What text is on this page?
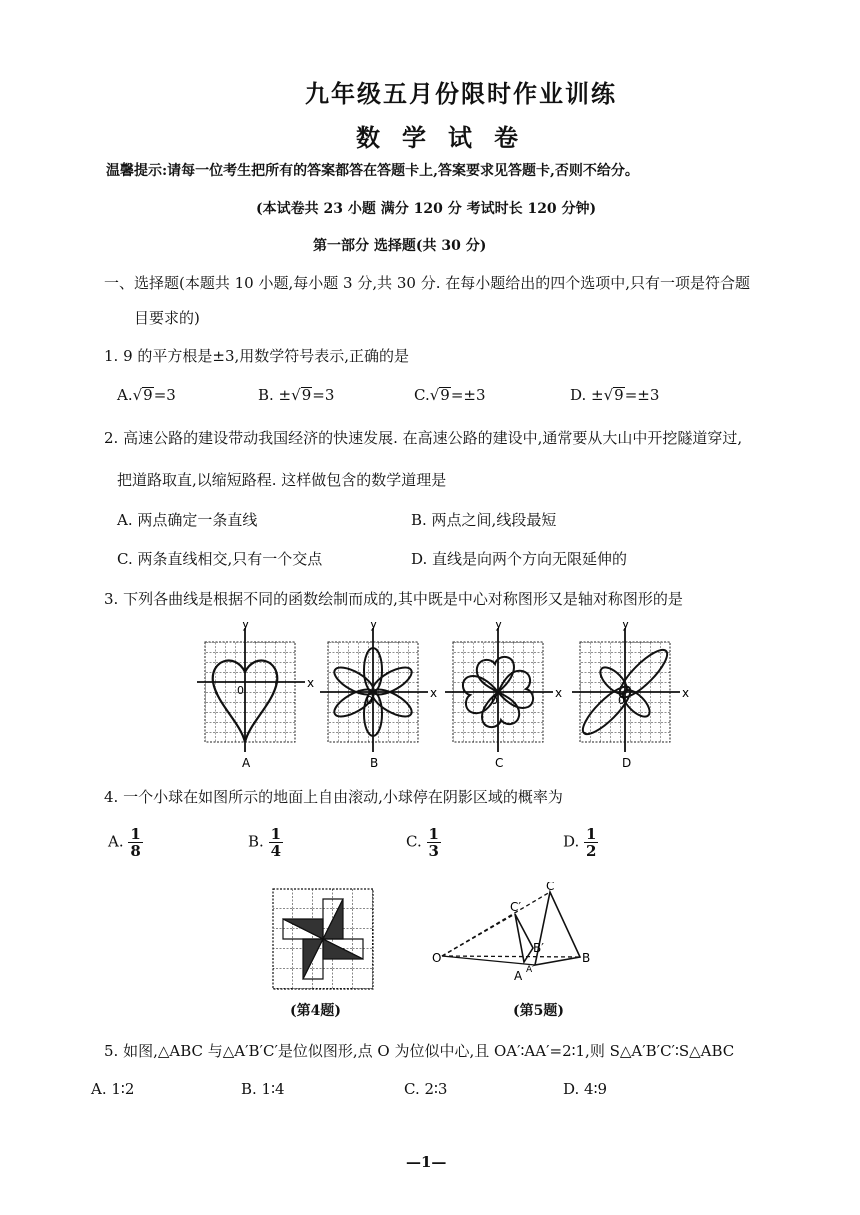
九年级五月份限时作业训练
数学试卷
温馨提示:请每一位考生把所有的答案都答在答题卡上,答案要求见答题卡,否则不给分。
(本试卷共 23 小题 满分 120 分 考试时长 120 分钟)
第一部分 选择题(共 30 分)
一、选择题(本题共 10 小题,每小题 3 分,共 30 分. 在每小题给出的四个选项中,只有一项是符合题
目要求的)
1. 9 的平方根是±3,用数学符号表示,正确的是
A.√9=3	B. ±√9=3	C.√9=±3	D. ±√9=±3
2. 高速公路的建设带动我国经济的快速发展. 在高速公路的建设中,通常要从大山中开挖隧道穿过,
把道路取直,以缩短路程. 这样做包含的数学道理是
A. 两点确定一条直线	B. 两点之间,线段最短
C. 两条直线相交,只有一个交点	D. 直线是向两个方向无限延伸的
3. 下列各曲线是根据不同的函数绘制而成的,其中既是中心对称图形又是轴对称图形的是
y
x
0
A
y
x
0
B
y
x
0
C
y
x
0
D
4. 一个小球在如图所示的地面上自由滚动,小球停在阴影区域的概率为
A. $\frac{1}{8}$	B. $\frac{1}{4}$	C. $\frac{1}{3}$	D. $\frac{1}{2}$
(第4题)
O
C
B
A
C′
B′
A′
(第5题)
5. 如图,△ABC 与△A′B′C′是位似图形,点 O 为位似中心,且 OA′∶AA′=2∶1,则 S△A′B′C′∶S△ABC
A. 1∶2	B. 1∶4	C. 2∶3	D. 4∶9
—1—
